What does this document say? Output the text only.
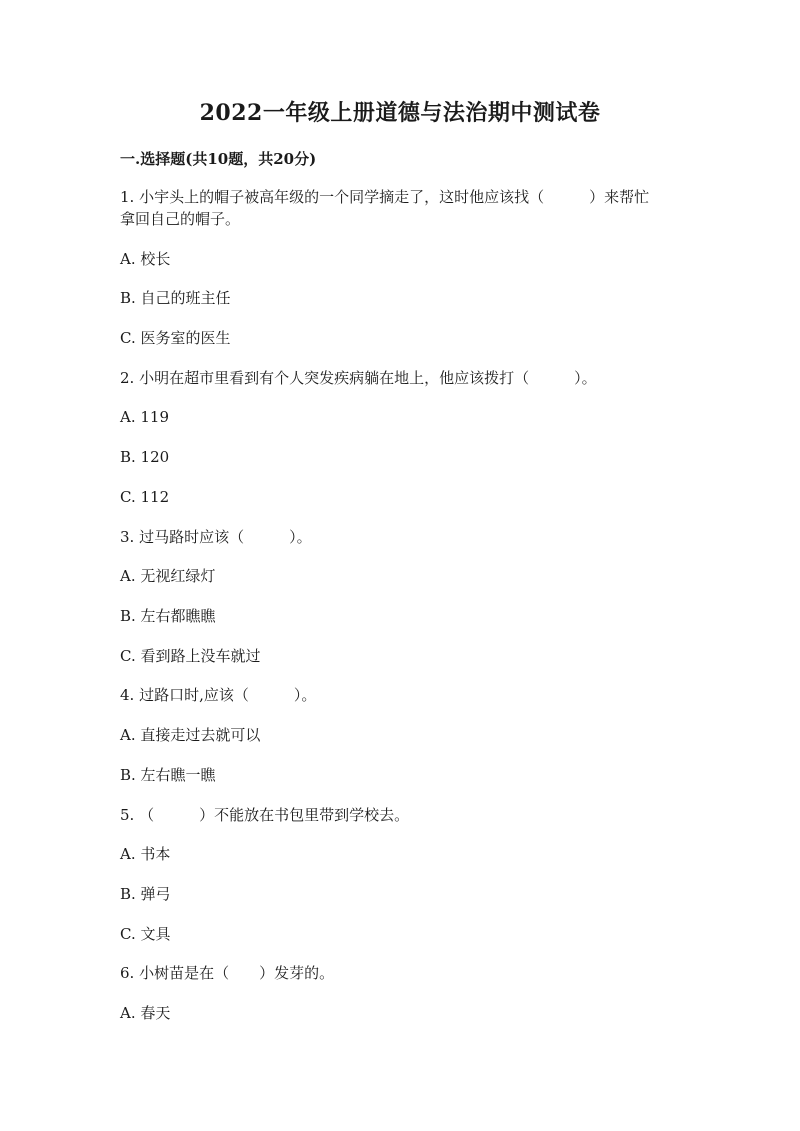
2022一年级上册道德与法治期中测试卷
一.选择题(共10题，共20分)
1. 小宇头上的帽子被高年级的一个同学摘走了，这时他应该找（　　　）来帮忙
拿回自己的帽子。
A. 校长
B. 自己的班主任
C. 医务室的医生
2. 小明在超市里看到有个人突发疾病躺在地上，他应该拨打（　　　）。
A. 119
B. 120
C. 112
3. 过马路时应该（　　　）。
A. 无视红绿灯
B. 左右都瞧瞧
C. 看到路上没车就过
4. 过路口时,应该（　　　）。
A. 直接走过去就可以
B. 左右瞧一瞧
5. （　　　）不能放在书包里带到学校去。
A. 书本
B. 弹弓
C. 文具
6. 小树苗是在（　　）发芽的。
A. 春天
